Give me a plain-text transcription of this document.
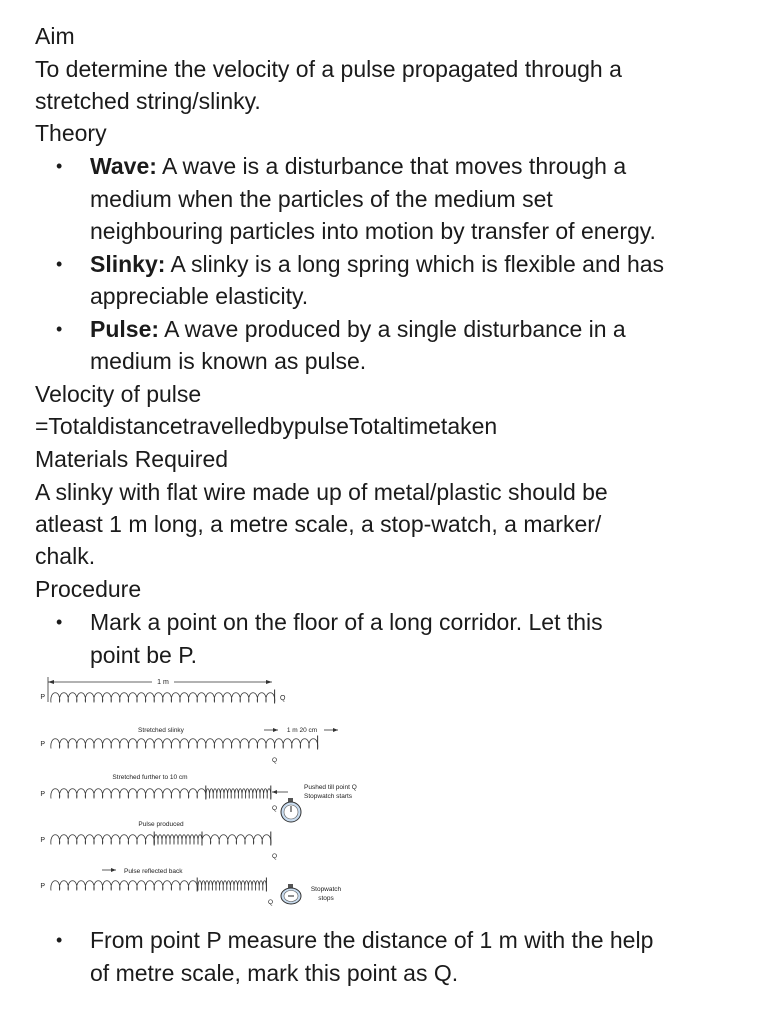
Aim
To determine the velocity of a pulse propagated through a
stretched string/slinky.
Theory
• Wave: A wave is a disturbance that moves through a
medium when the particles of the medium set
neighbouring particles into motion by transfer of energy.
• Slinky: A slinky is a long spring which is flexible and has
appreciable elasticity.
• Pulse: A wave produced by a single disturbance in a
medium is known as pulse.
Velocity of pulse
=TotaldistancetravelledbypulseTotaltimetaken
Materials Required
A slinky with flat wire made up of metal/plastic should be
atleast 1 m long, a metre scale, a stop-watch, a marker/
chalk.
Procedure
• Mark a point on the floor of a long corridor. Let this
point be P.
1 m
P	Q
Stretched slinky	1 m 20 cm
P
Q
Stretched further to 10 cm
P
Pushed till point Q
Stopwatch starts
Q
Pulse produced
P
Q
Pulse reflected back
P
Q
Stopwatch
stops
• From point P measure the distance of 1 m with the help
of metre scale, mark this point as Q.
